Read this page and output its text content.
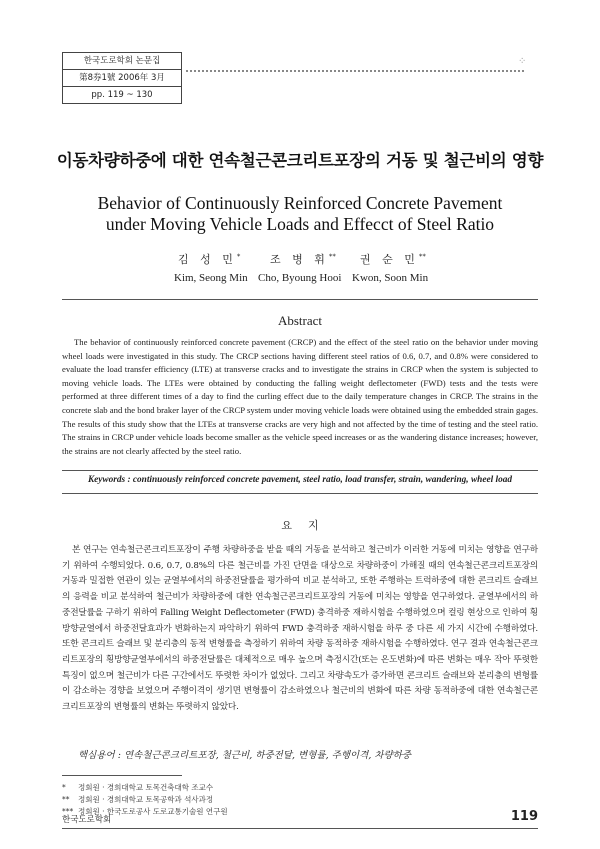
한국도로학회 논문집
第8券1號 2006年 3月
pp. 119 ~ 130
⁘
이동차량하중에 대한 연속철근콘크리트포장의 거동 및 철근비의 영향
Behavior of Continuously Reinforced Concrete Pavement
under Moving Vehicle Loads and Effecct of Steel Ratio
김 성 민*	조 병 휘** 권 순 민**
Kim, Seong Min Cho, Byoung Hooi Kwon, Soon Min
Abstract

The behavior of continuously reinforced concrete pavement (CRCP) and the effect of the steel ratio on the behavior under moving wheel loads were investigated in this study. The CRCP sections having different steel ratios of 0.6, 0.7, and 0.8% were considered to evaluate the load transfer efficiency (LTE) at transverse cracks and to investigate the strains in CRCP when the system is subjected to moving vehicle loads. The LTEs were obtained by conducting the falling weight deflectometer (FWD) tests and the tests were performed at three different times of a day to find the curling effect due to the daily temperature changes in CRCP. The strains in the concrete slab and the bond braker layer of the CRCP system under moving vehicle loads were obtained using the embedded strain gages. The results of this study show that the LTEs at transverse cracks are very high and not affected by the time of testing and the steel ratio. The strains in CRCP under vehicle loads become smaller as the vehicle speed increases or as the wandering distance increases; however, the strains are not clearly affected by the steel ratio.

Keywords : continuously reinforced concrete pavement, steel ratio, load transfer, strain, wandering, wheel load
요지

본 연구는 연속철근콘크리트포장이 주행 차량하중을 받을 때의 거동을 분석하고 철근비가 이러한 거동에 미치는 영향을 연구하기 위하여 수행되었다. 0.6, 0.7, 0.8%의 다른 철근비를 가진 단면을 대상으로 차량하중이 가해질 때의 연속철근콘크리트포장의 거동과 밀접한 연관이 있는 균열부에서의 하중전달률을 평가하여 비교 분석하고, 또한 주행하는 트럭하중에 대한 콘크리트 슬래브의 응력을 비교 분석하여 철근비가 차량하중에 대한 연속철근콘크리트포장의 거동에 미치는 영향을 연구하였다. 균열부에서의 하중전달률을 구하기 위하여 Falling Weight Deflectometer (FWD) 충격하중 재하시험을 수행하였으며 컬링 현상으로 인하여 횡방향균열에서 하중전달효과가 변화하는지 파악하기 위하여 FWD 충격하중 재하시험을 하루 중 다른 세 가지 시간에 수행하였다. 또한 콘크리트 슬래브 및 분리층의 동적 변형률을 측정하기 위하여 차량 동적하중 재하시험을 수행하였다. 연구 결과 연속철근콘크리트포장의 횡방향균열부에서의 하중전달률은 대체적으로 매우 높으며 측정시간(또는 온도변화)에 따른 변화는 매우 작아 뚜렷한 특징이 없으며 철근비가 다른 구간에서도 뚜렷한 차이가 없었다. 그리고 차량속도가 증가하면 콘크리트 슬래브와 분리층의 변형률이 감소하는 경향을 보였으며 주행이격이 생기면 변형률이 감소하였으나 철근비의 변화에 따른 차량 동적하중에 대한 연속철근콘크리트포장의 변형률의 변화는 뚜렷하지 않았다.

핵심용어 : 연속철근콘크리트포장, 철근비, 하중전달, 변형률, 주행이격, 차량하중
* 정회원 · 경희대학교 토목건축대학 조교수
** 정회원 · 경희대학교 토목공학과 석사과정
*** 정회원 · 한국도로공사 도로교통기술원 연구원
한국도로학회	119
